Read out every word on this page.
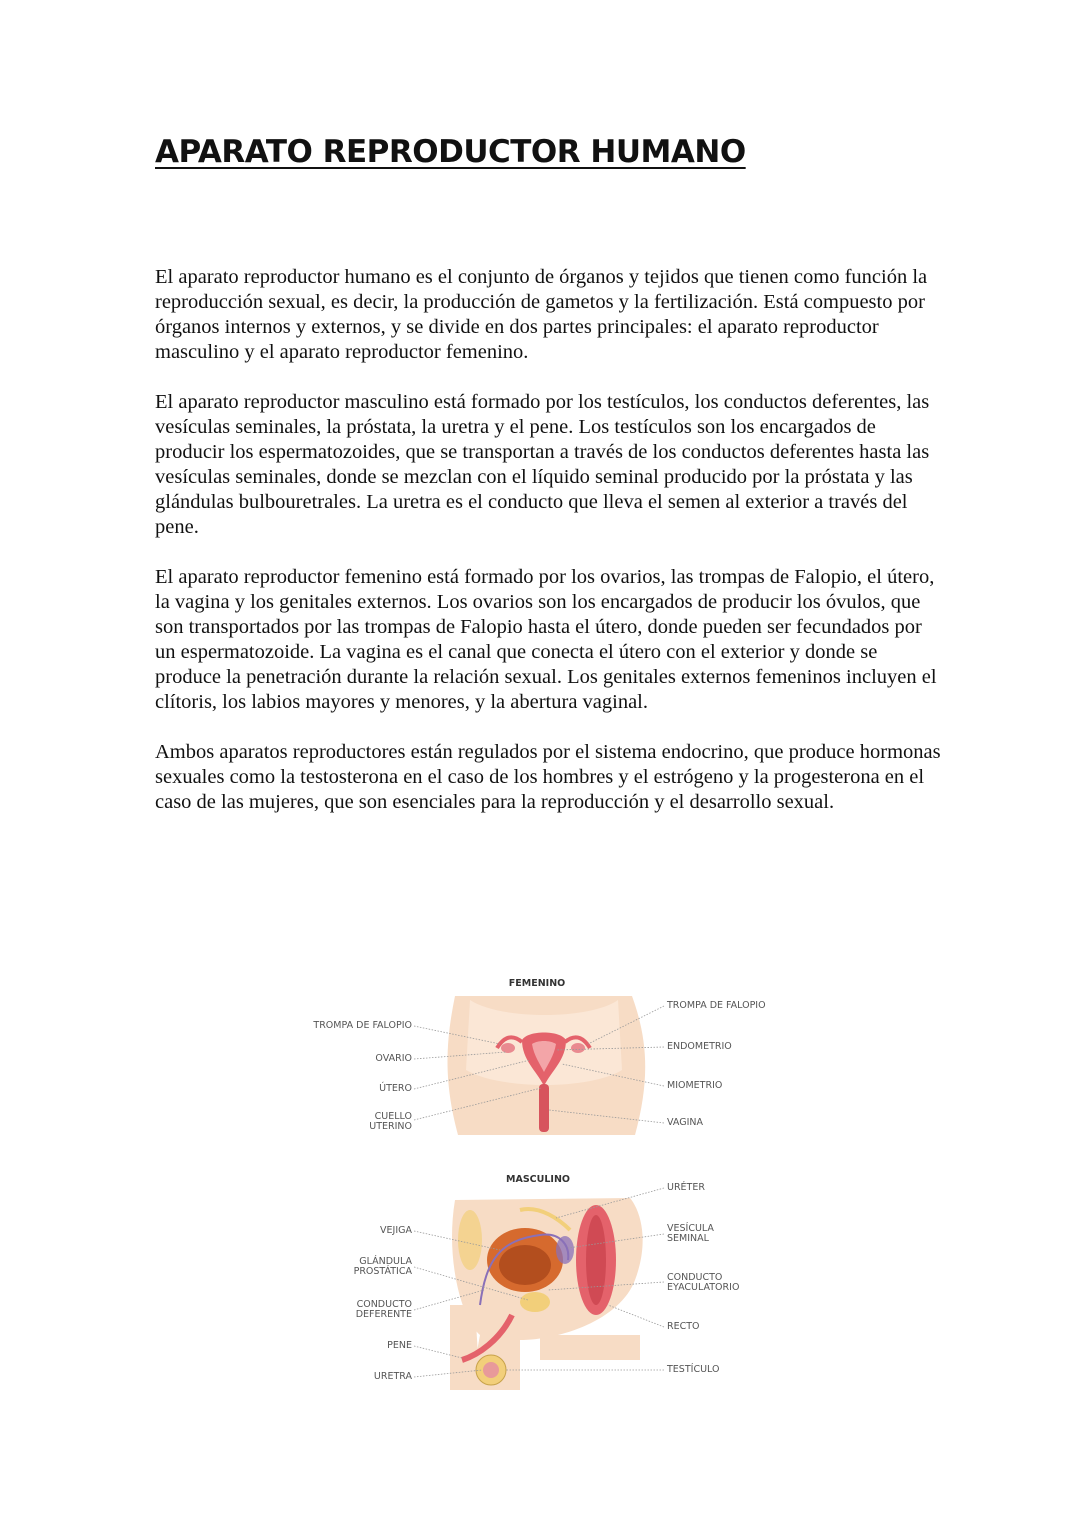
APARATO REPRODUCTOR HUMANO

El aparato reproductor humano es el conjunto de órganos y tejidos que tienen como función la reproducción sexual, es decir, la producción de gametos y la fertilización. Está compuesto por órganos internos y externos, y se divide en dos partes principales: el aparato reproductor masculino y el aparato reproductor femenino.

El aparato reproductor masculino está formado por los testículos, los conductos deferentes, las vesículas seminales, la próstata, la uretra y el pene. Los testículos son los encargados de producir los espermatozoides, que se transportan a través de los conductos deferentes hasta las vesículas seminales, donde se mezclan con el líquido seminal producido por la próstata y las glándulas bulbouretrales. La uretra es el conducto que lleva el semen al exterior a través del pene.

El aparato reproductor femenino está formado por los ovarios, las trompas de Falopio, el útero, la vagina y los genitales externos. Los ovarios son los encargados de producir los óvulos, que son transportados por las trompas de Falopio hasta el útero, donde pueden ser fecundados por un espermatozoide. La vagina es el canal que conecta el útero con el exterior y donde se produce la penetración durante la relación sexual. Los genitales externos femeninos incluyen el clítoris, los labios mayores y menores, y la abertura vaginal.

Ambos aparatos reproductores están regulados por el sistema endocrino, que produce hormonas sexuales como la testosterona en el caso de los hombres y el estrógeno y la progesterona en el caso de las mujeres, que son esenciales para la reproducción y el desarrollo sexual.

FEMENINO
TROMPA DE FALOPIO
OVARIO
ÚTERO
CUELLO
UTERINO
TROMPA DE FALOPIO
ENDOMETRIO
MIOMETRIO
VAGINA
MASCULINO
VEJIGA
GLÁNDULA
PROSTÁTICA
CONDUCTO
DEFERENTE
PENE
URETRA
URÉTER
VESÍCULA
SEMINAL
CONDUCTO
EYACULATORIO
RECTO
TESTÍCULO
